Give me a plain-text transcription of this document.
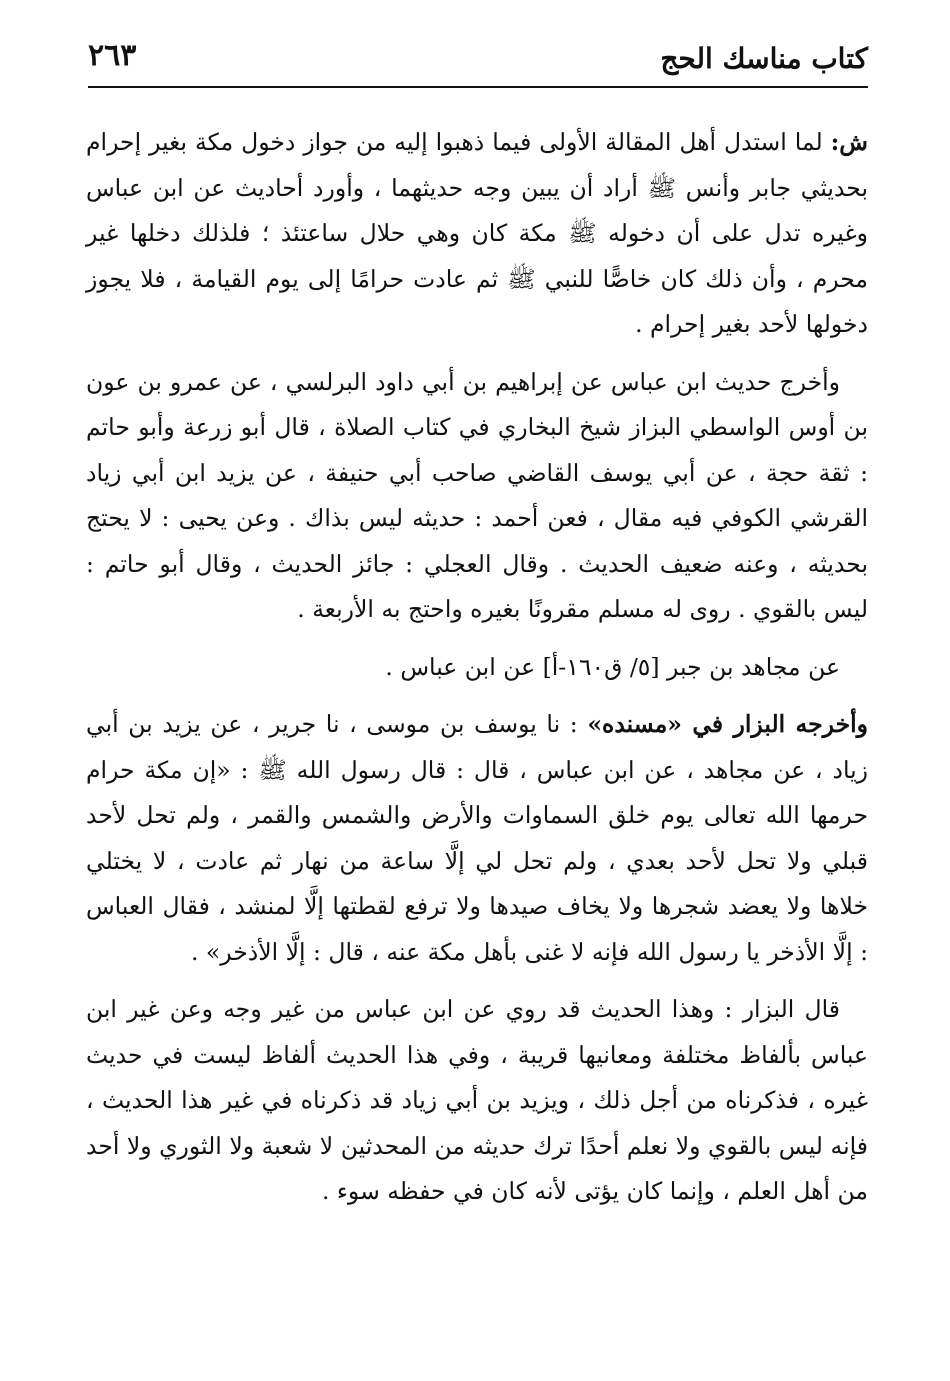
كتاب مناسك الحج
٢٦٣

ش: لما استدل أهل المقالة الأولى فيما ذهبوا إليه من جواز دخول مكة بغير إحرام بحديثي جابر وأنس ﷺ أراد أن يبين وجه حديثهما ، وأورد أحاديث عن ابن عباس وغيره تدل على أن دخوله ﷺ مكة كان وهي حلال ساعتئذ ؛ فلذلك دخلها غير محرم ، وأن ذلك كان خاصًّا للنبي ﷺ ثم عادت حرامًا إلى يوم القيامة ، فلا يجوز دخولها لأحد بغير إحرام .

وأخرج حديث ابن عباس عن إبراهيم بن أبي داود البرلسي ، عن عمرو بن عون بن أوس الواسطي البزاز شيخ البخاري في كتاب الصلاة ، قال أبو زرعة وأبو حاتم : ثقة حجة ، عن أبي يوسف القاضي صاحب أبي حنيفة ، عن يزيد ابن أبي زياد القرشي الكوفي فيه مقال ، فعن أحمد : حديثه ليس بذاك . وعن يحيى : لا يحتج بحديثه ، وعنه ضعيف الحديث . وقال العجلي : جائز الحديث ، وقال أبو حاتم : ليس بالقوي . روى له مسلم مقرونًا بغيره واحتج به الأربعة .

عن مجاهد بن جبر [٥/ ق١٦٠-أ] عن ابن عباس .

وأخرجه البزار في «مسنده» : نا يوسف بن موسى ، نا جرير ، عن يزيد بن أبي زياد ، عن مجاهد ، عن ابن عباس ، قال : قال رسول الله ﷺ : «إن مكة حرام حرمها الله تعالى يوم خلق السماوات والأرض والشمس والقمر ، ولم تحل لأحد قبلي ولا تحل لأحد بعدي ، ولم تحل لي إلَّا ساعة من نهار ثم عادت ، لا يختلي خلاها ولا يعضد شجرها ولا يخاف صيدها ولا ترفع لقطتها إلَّا لمنشد ، فقال العباس : إلَّا الأذخر يا رسول الله فإنه لا غنى بأهل مكة عنه ، قال : إلَّا الأذخر» .

قال البزار : وهذا الحديث قد روي عن ابن عباس من غير وجه وعن غير ابن عباس بألفاظ مختلفة ومعانيها قريبة ، وفي هذا الحديث ألفاظ ليست في حديث غيره ، فذكرناه من أجل ذلك ، ويزيد بن أبي زياد قد ذكرناه في غير هذا الحديث ، فإنه ليس بالقوي ولا نعلم أحدًا ترك حديثه من المحدثين لا شعبة ولا الثوري ولا أحد من أهل العلم ، وإنما كان يؤتى لأنه كان في حفظه سوء .
